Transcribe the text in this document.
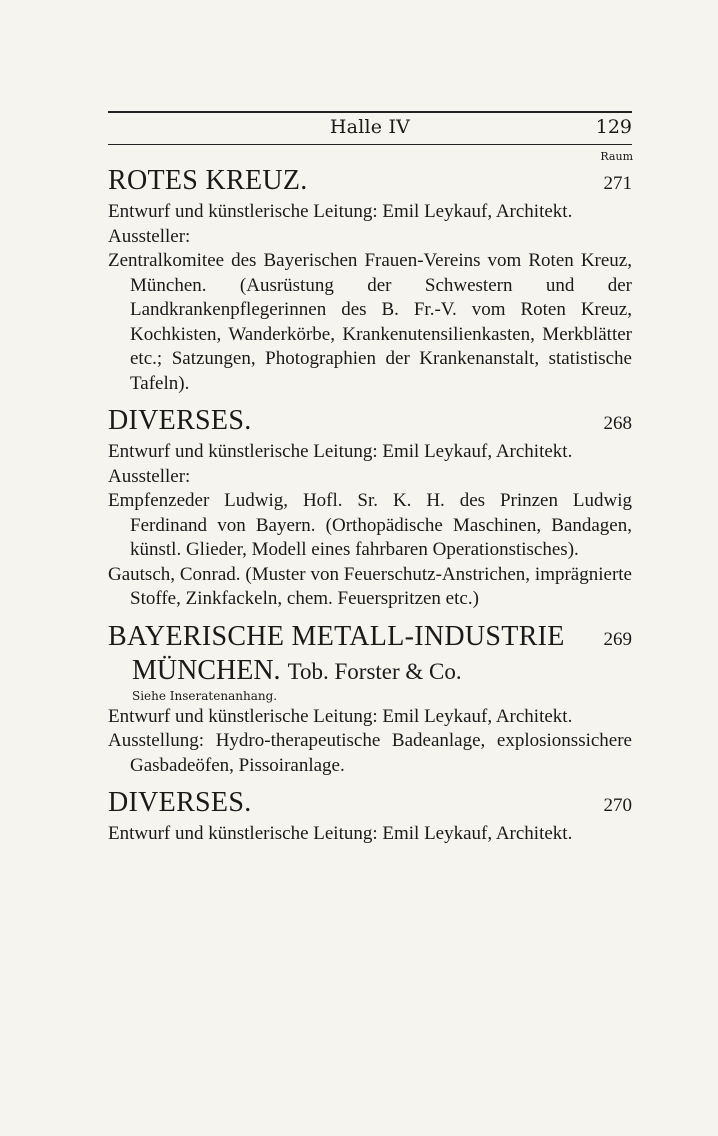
Halle IV	129
Raum
ROTES KREUZ.	271
Entwurf und künstlerische Leitung: Emil Leykauf, Architekt.
Aussteller:
Zentralkomitee des Bayerischen Frauen-Vereins vom Roten Kreuz, München. (Ausrüstung der Schwestern und der Landkrankenpflegerinnen des B. Fr.-V. vom Roten Kreuz, Kochkisten, Wanderkörbe, Krankenutensilienkasten, Merkblätter etc.; Satzungen, Photographien der Krankenanstalt, statistische Tafeln).
DIVERSES.	268
Entwurf und künstlerische Leitung: Emil Leykauf, Architekt.
Aussteller:
Empfenzeder Ludwig, Hofl. Sr. K. H. des Prinzen Ludwig Ferdinand von Bayern. (Orthopädische Maschinen, Bandagen, künstl. Glieder, Modell eines fahrbaren Operationstisches).
Gautsch, Conrad. (Muster von Feuerschutz-Anstrichen, imprägnierte Stoffe, Zinkfackeln, chem. Feuerspritzen etc.)
BAYERISCHE METALL-INDUSTRIE 269
MÜNCHEN. Tob. Forster & Co.
Siehe Inseratenanhang.
Entwurf und künstlerische Leitung: Emil Leykauf, Architekt.
Ausstellung: Hydro-therapeutische Badeanlage, explosionssichere Gasbadeöfen, Pissoiranlage.
DIVERSES.	270
Entwurf und künstlerische Leitung: Emil Leykauf, Architekt.
